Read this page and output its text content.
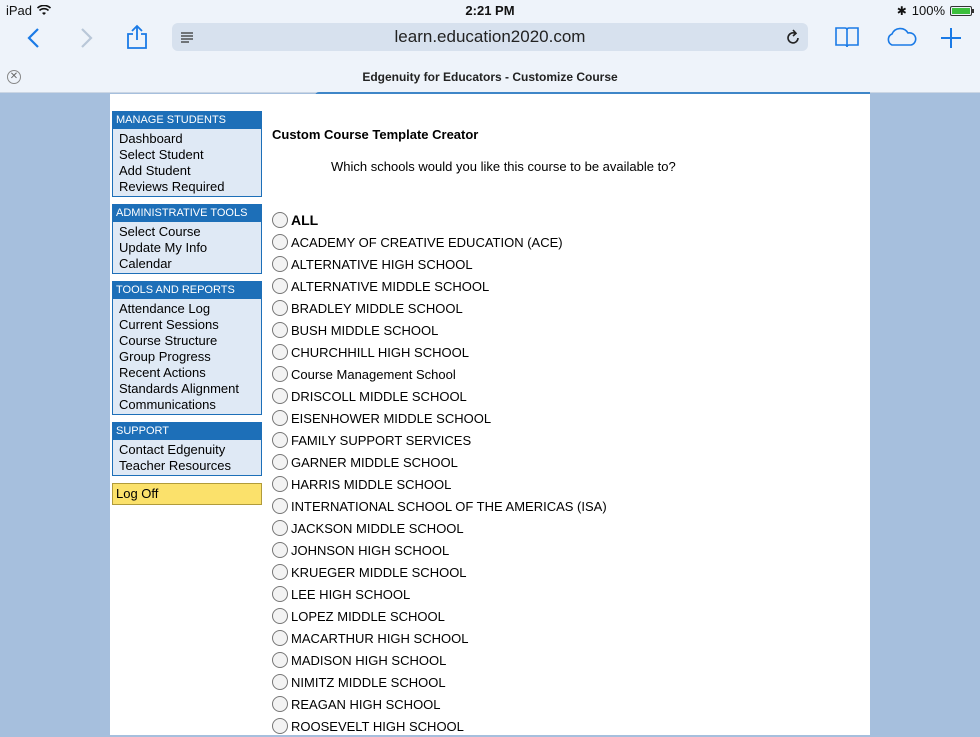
iPad	2:21 PM	✱ 100%
learn.education2020.com
✕	Edgenuity for Educators - Customize Course
MANAGE STUDENTS
Dashboard
Select Student
Add Student
Reviews Required
ADMINISTRATIVE TOOLS
Select Course
Update My Info
Calendar
TOOLS AND REPORTS
Attendance Log
Current Sessions
Course Structure
Group Progress
Recent Actions
Standards Alignment
Communications
SUPPORT
Contact Edgenuity
Teacher Resources
Log Off
Custom Course Template Creator
Which schools would you like this course to be available to?
ALL
ACADEMY OF CREATIVE EDUCATION (ACE)
ALTERNATIVE HIGH SCHOOL
ALTERNATIVE MIDDLE SCHOOL
BRADLEY MIDDLE SCHOOL
BUSH MIDDLE SCHOOL
CHURCHHILL HIGH SCHOOL
Course Management School
DRISCOLL MIDDLE SCHOOL
EISENHOWER MIDDLE SCHOOL
FAMILY SUPPORT SERVICES
GARNER MIDDLE SCHOOL
HARRIS MIDDLE SCHOOL
INTERNATIONAL SCHOOL OF THE AMERICAS (ISA)
JACKSON MIDDLE SCHOOL
JOHNSON HIGH SCHOOL
KRUEGER MIDDLE SCHOOL
LEE HIGH SCHOOL
LOPEZ MIDDLE SCHOOL
MACARTHUR HIGH SCHOOL
MADISON HIGH SCHOOL
NIMITZ MIDDLE SCHOOL
REAGAN HIGH SCHOOL
ROOSEVELT HIGH SCHOOL
